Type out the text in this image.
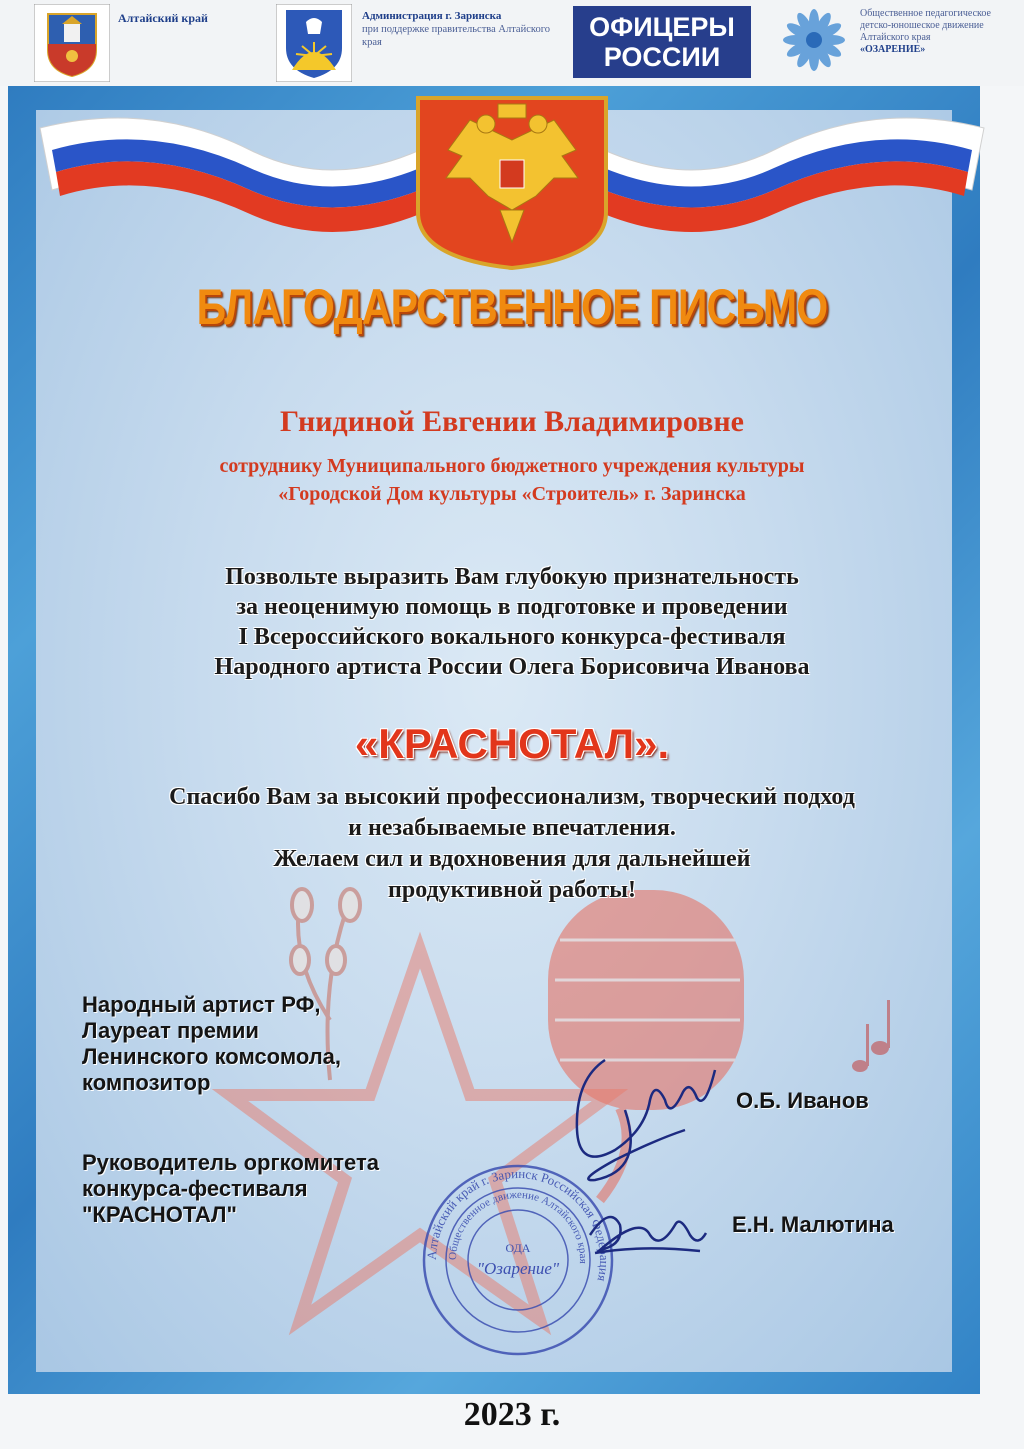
Алтайский край	Администрация г. Заринска
при поддержке правительства Алтайского края
ОФИЦЕРЫ
РОССИИ
Общественное педагогическое детско-юношеское движение Алтайского края
«ОЗАРЕНИЕ»
БЛАГОДАРСТВЕННОЕ ПИСЬМО
Гнидиной Евгении Владимировне
сотруднику Муниципального бюджетного учреждения культуры
«Городской Дом культуры «Строитель» г. Заринска
Позвольте выразить Вам глубокую признательность
за неоценимую помощь в подготовке и проведении
I Всероссийского вокального конкурса-фестиваля
Народного артиста России Олега Борисовича Иванова
«КРАСНОТАЛ».
Спасибо Вам за высокий профессионализм, творческий подход
и незабываемые впечатления.
Желаем сил и вдохновения для дальнейшей
продуктивной работы!
Народный артист РФ,
Лауреат премии
Ленинского комсомола,
композитор
О.Б. Иванов
Руководитель оргкомитета
конкурса-фестиваля
"КРАСНОТАЛ"	Е.Н. Малютина
Алтайский край г. Заринск Российская Федерация
Общественное движение Алтайского края
ОДА
"Озарение"
2023 г.
